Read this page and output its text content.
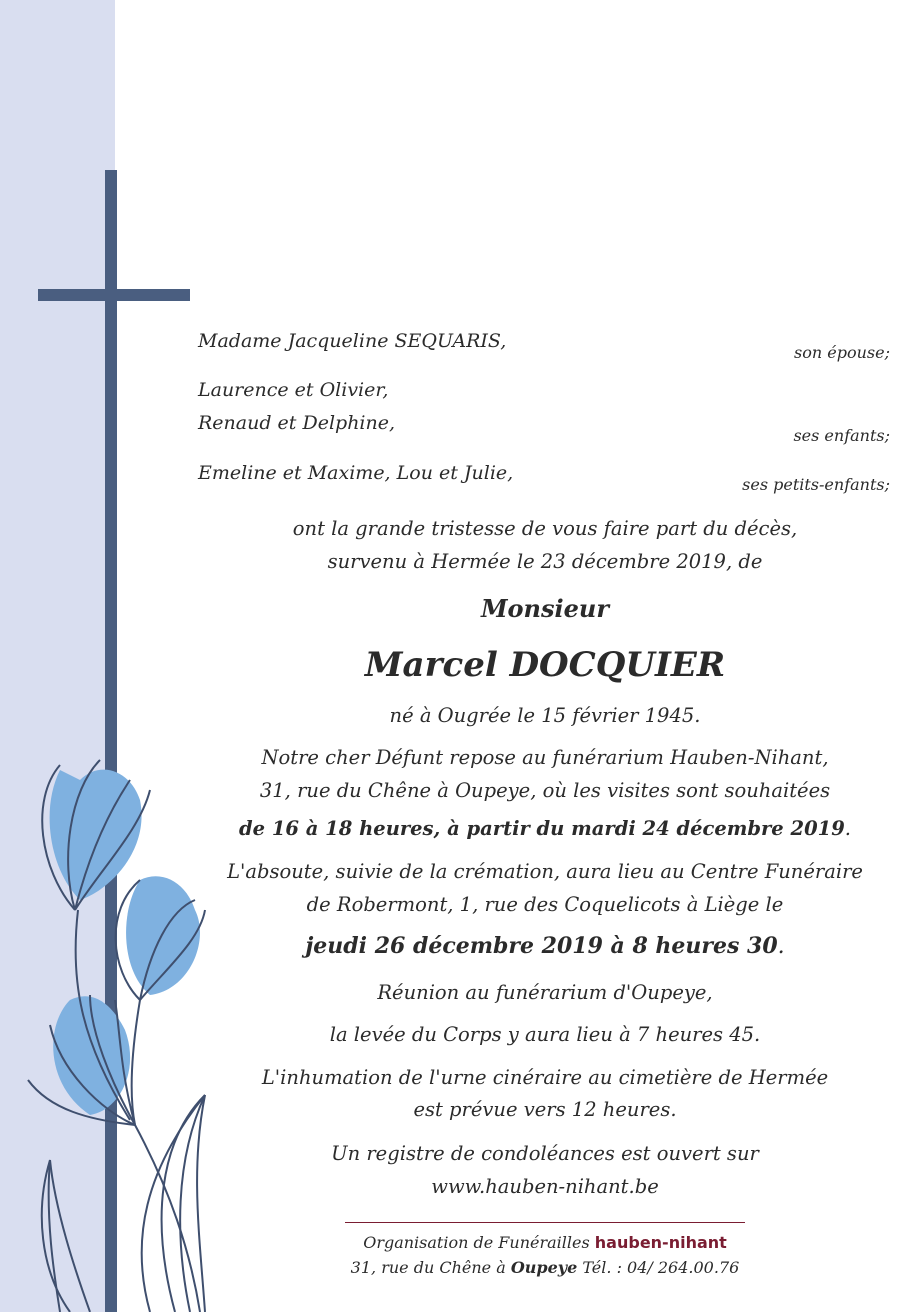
Madame Jacqueline SEQUARIS,
son épouse;
Laurence et Olivier,
Renaud et Delphine,
ses enfants;
Emeline et Maxime, Lou et Julie,
ses petits-enfants;
ont la grande tristesse de vous faire part du décès,
survenu à Hermée le 23 décembre 2019, de
Monsieur
Marcel DOCQUIER
né à Ougrée le 15 février 1945.
Notre cher Défunt repose au funérarium Hauben-Nihant,
31, rue du Chêne à Oupeye, où les visites sont souhaitées
de 16 à 18 heures, à partir du mardi 24 décembre 2019.
L'absoute, suivie de la crémation, aura lieu au Centre Funéraire
de Robermont, 1, rue des Coquelicots à Liège le
jeudi 26 décembre 2019 à 8 heures 30.
Réunion au funérarium d'Oupeye,
la levée du Corps y aura lieu à 7 heures 45.
L'inhumation de l'urne cinéraire au cimetière de Hermée
est prévue vers 12 heures.
Un registre de condoléances est ouvert sur
www.hauben-nihant.be
Organisation de Funérailles hauben-nihant
31, rue du Chêne à Oupeye Tél. : 04/ 264.00.76
